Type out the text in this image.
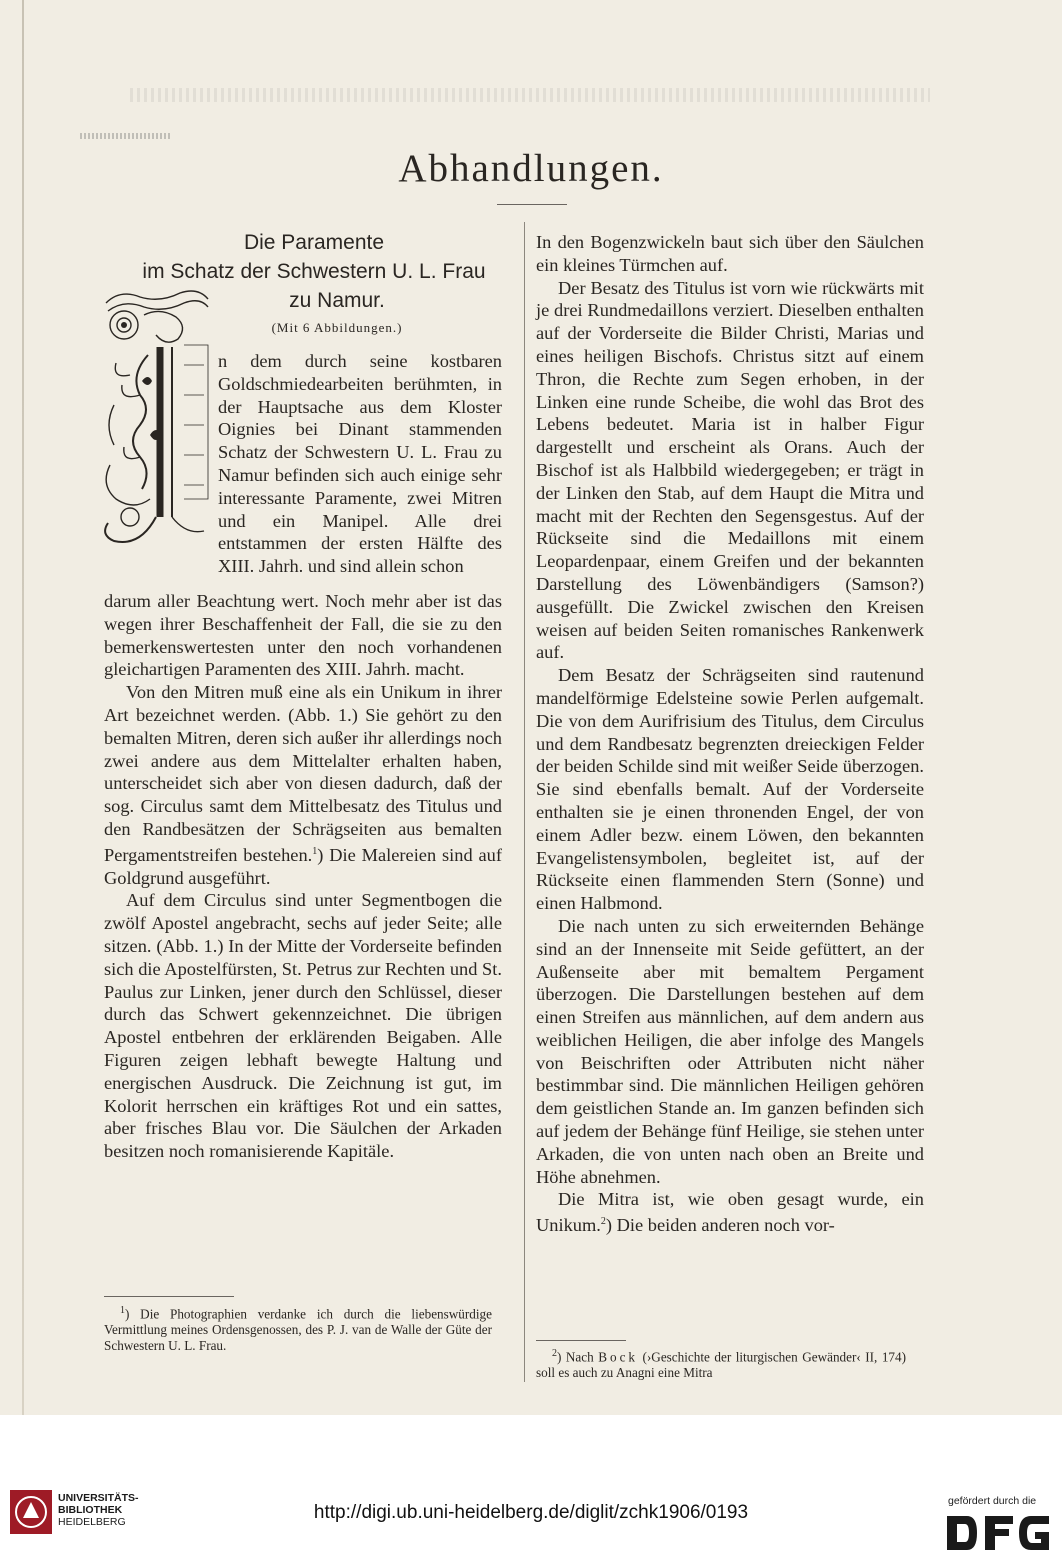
Abhandlungen.
Die Paramente
im Schatz der Schwestern U. L. Frau
zu Namur.
(Mit 6 Abbildungen.)
n dem durch seine kostbaren Goldschmiedearbeiten berühmten, in der Hauptsache aus dem Kloster Oignies bei Dinant stammenden Schatz der Schwestern U. L. Frau zu Namur befinden sich auch einige sehr interessante Paramente, zwei Mitren und ein Manipel. Alle drei entstammen der ersten Hälfte des XIII. Jahrh. und sind allein schon

darum aller Beachtung wert. Noch mehr aber ist das wegen ihrer Beschaffenheit der Fall, die sie zu den bemerkenswertesten unter den noch vorhandenen gleichartigen Paramenten des XIII. Jahrh. macht.

Von den Mitren muß eine als ein Unikum in ihrer Art bezeichnet werden. (Abb. 1.) Sie gehört zu den bemalten Mitren, deren sich außer ihr allerdings noch zwei andere aus dem Mittelalter erhalten haben, unterscheidet sich aber von diesen dadurch, daß der sog. Circulus samt dem Mittelbesatz des Titulus und den Randbesätzen der Schrägseiten aus bemalten Pergamentstreifen bestehen.$^1$) Die Malereien sind auf Goldgrund ausgeführt.

Auf dem Circulus sind unter Segmentbogen die zwölf Apostel angebracht, sechs auf jeder Seite; alle sitzen. (Abb. 1.) In der Mitte der Vorderseite befinden sich die Apostelfürsten, St. Petrus zur Rechten und St. Paulus zur Linken, jener durch den Schlüssel, dieser durch das Schwert gekennzeichnet. Die übrigen Apostel entbehren der erklärenden Beigaben. Alle Figuren zeigen lebhaft bewegte Haltung und energischen Ausdruck. Die Zeichnung ist gut, im Kolorit herrschen ein kräftiges Rot und ein sattes, aber frisches Blau vor. Die Säulchen der Arkaden besitzen noch romanisierende Kapitäle.

$^1$) Die Photographien verdanke ich durch die liebenswürdige Vermittlung meines Ordensgenossen, des P. J. van de Walle der Güte der Schwestern U. L. Frau.

In den Bogenzwickeln baut sich über den Säulchen ein kleines Türmchen auf.

Der Besatz des Titulus ist vorn wie rückwärts mit je drei Rundmedaillons verziert. Dieselben enthalten auf der Vorderseite die Bilder Christi, Marias und eines heiligen Bischofs. Christus sitzt auf einem Thron, die Rechte zum Segen erhoben, in der Linken eine runde Scheibe, die wohl das Brot des Lebens bedeutet. Maria ist in halber Figur dargestellt und erscheint als Orans. Auch der Bischof ist als Halbbild wiedergegeben; er trägt in der Linken den Stab, auf dem Haupt die Mitra und macht mit der Rechten den Segensgestus. Auf der Rückseite sind die Medaillons mit einem Leopardenpaar, einem Greifen und der bekannten Darstellung des Löwenbändigers (Samson?) ausgefüllt. Die Zwickel zwischen den Kreisen weisen auf beiden Seiten romanisches Rankenwerk auf.

Dem Besatz der Schrägseiten sind rautenund mandelförmige Edelsteine sowie Perlen aufgemalt. Die von dem Aurifrisium des Titulus, dem Circulus und dem Randbesatz begrenzten dreieckigen Felder der beiden Schilde sind mit weißer Seide überzogen. Sie sind ebenfalls bemalt. Auf der Vorderseite enthalten sie je einen thronenden Engel, der von einem Adler bezw. einem Löwen, den bekannten Evangelistensymbolen, begleitet ist, auf der Rückseite einen flammenden Stern (Sonne) und einen Halbmond.

Die nach unten zu sich erweiternden Behänge sind an der Innenseite mit Seide gefüttert, an der Außenseite aber mit bemaltem Pergament überzogen. Die Darstellungen bestehen auf dem einen Streifen aus männlichen, auf dem andern aus weiblichen Heiligen, die aber infolge des Mangels von Beischriften oder Attributen nicht näher bestimmbar sind. Die männlichen Heiligen gehören dem geistlichen Stande an. Im ganzen befinden sich auf jedem der Behänge fünf Heilige, sie stehen unter Arkaden, die von unten nach oben an Breite und Höhe abnehmen.

Die Mitra ist, wie oben gesagt wurde, ein Unikum.$^2$) Die beiden anderen noch vor-

$^2$) Nach Bock (›Geschichte der liturgischen Gewänder‹ II, 174) soll es auch zu Anagni eine Mitra

UNIVERSITÄTS-
BIBLIOTHEK
HEIDELBERG	http://digi.ub.uni-heidelberg.de/diglit/zchk1906/0193
gefördert durch die
